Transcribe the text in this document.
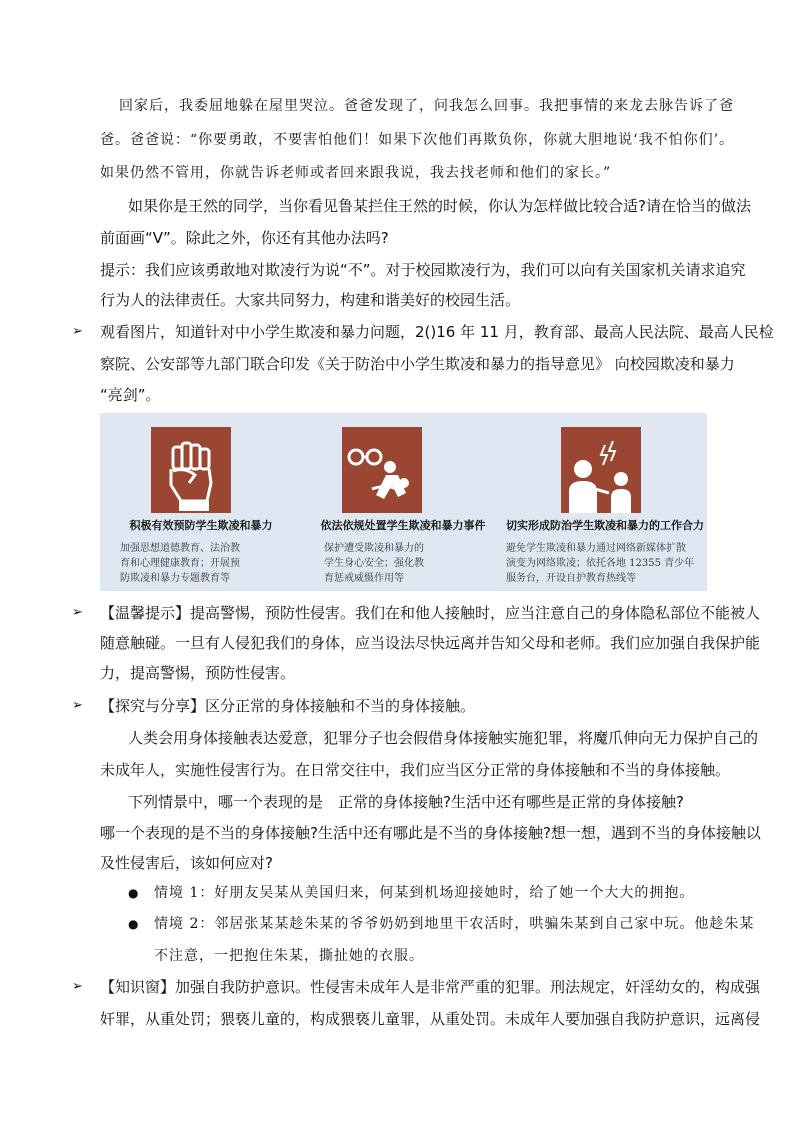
回家后，我委屈地躲在屋里哭泣。爸爸发现了，问我怎么回事。我把事情的来龙去脉告诉了爸
爸。爸爸说：“你要勇敢，不要害怕他们！如果下次他们再欺负你，你就大胆地说‘我不怕你们’。
如果仍然不管用，你就告诉老师或者回来跟我说，我去找老师和他们的家长。”
如果你是王然的同学，当你看见鲁某拦住王然的时候，你认为怎样做比较合适?请在恰当的做法
前面画“V”。除此之外，你还有其他办法吗?
提示：我们应该勇敢地对欺凌行为说“不”。对于校园欺凌行为，我们可以向有关国家机关请求追究
行为人的法律责任。大家共同努力，构建和谐美好的校园生活。
➢ 观看图片，知道针对中小学生欺凌和暴力问题，2()16 年 11 月，教育部、最高人民法院、最高人民检
察院、公安部等九部门联合印发《关于防治中小学生欺凌和暴力的指导意见》 向校园欺凌和暴力
“亮剑”。
积极有效预防学生欺凌和暴力
加强思想道德教育、法治教
育和心理健康教育；开展预
防欺凌和暴力专题教育等
依法依规处置学生欺凌和暴力事件
保护遭受欺凌和暴力的
学生身心安全；强化教
育惩戒威慑作用等
切实形成防治学生欺凌和暴力的工作合力
避免学生欺凌和暴力通过网络新媒体扩散
演变为网络欺凌；依托各地 12355 青少年
服务台，开设自护教育热线等
➢ 【温馨提示】提高警惕，预防性侵害。我们在和他人接触时，应当注意自己的身体隐私部位不能被人
随意触碰。一旦有人侵犯我们的身体，应当设法尽快远离并告知父母和老师。我们应加强自我保护能
力，提高警惕，预防性侵害。
➢ 【探究与分享】区分正常的身体接触和不当的身体接触。
人类会用身体接触表达爱意，犯罪分子也会假借身体接触实施犯罪，将魔爪伸向无力保护自己的
未成年人，实施性侵害行为。在日常交往中，我们应当区分正常的身体接触和不当的身体接触。
下列情景中，哪一个表现的是　正常的身体接触?生活中还有哪些是正常的身体接触?
哪一个表现的是不当的身体接触?生活中还有哪此是不当的身体接触?想一想，遇到不当的身体接触以
及性侵害后，该如何应对?
● 情境 1：好朋友吴某从美国归来，何某到机场迎接她时，给了她一个大大的拥抱。
● 情境 2：邻居张某某趁朱某的爷爷奶奶到地里干农活时，哄骗朱某到自己家中玩。他趁朱某
不注意，一把抱住朱某，撕扯她的衣服。
➢ 【知识窗】加强自我防护意识。性侵害未成年人是非常严重的犯罪。刑法规定，奸淫幼女的，构成强
奸罪，从重处罚；猥亵儿童的，构成猥亵儿童罪，从重处罚。未成年人要加强自我防护意识，远离侵
